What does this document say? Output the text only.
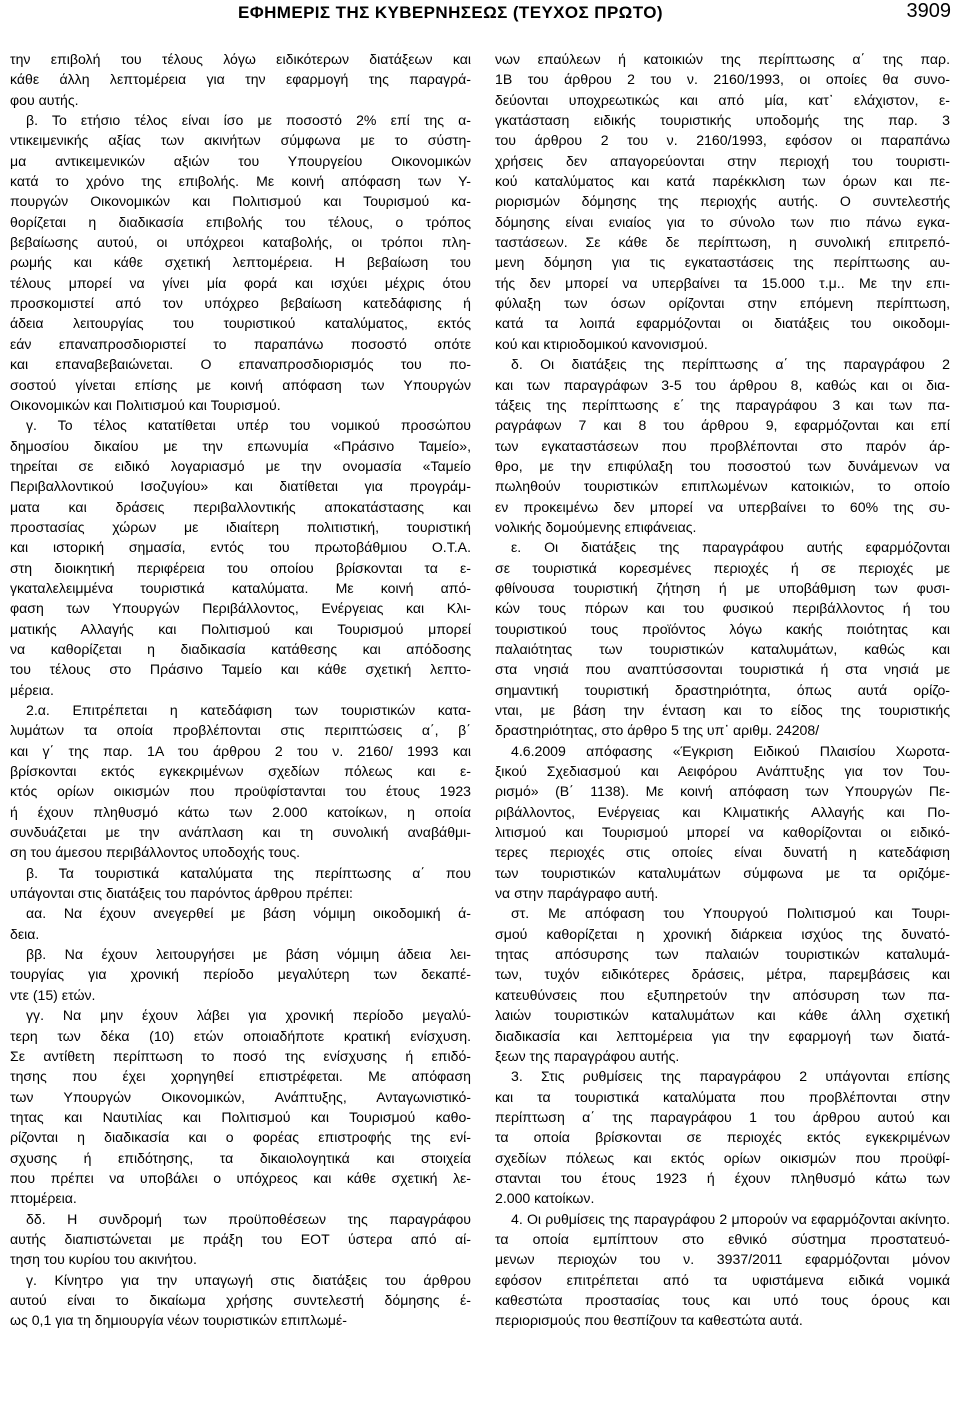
ΕΦΗΜΕΡΙΣ ΤΗΣ ΚΥΒΕΡΝΗΣΕΩΣ (ΤΕΥΧΟΣ ΠΡΩΤΟ)	3909
την επιβολή του τέλους λόγω ειδικότερων διατάξεων και
κάθε άλλη λεπτομέρεια για την εφαρμογή της παραγρά-
φου αυτής.
β. Το ετήσιο τέλος είναι ίσο με ποσοστό 2% επί της α-
ντικειμενικής αξίας των ακινήτων σύμφωνα με το σύστη-
μα αντικειμενικών αξιών του Υπουργείου Οικονομικών
κατά το χρόνο της επιβολής. Με κοινή απόφαση των Υ-
πουργών Οικονομικών και Πολιτισμού και Τουρισμού κα-
θορίζεται η διαδικασία επιβολής του τέλους, ο τρόπος
βεβαίωσης αυτού, οι υπόχρεοι καταβολής, οι τρόποι πλη-
ρωμής και κάθε σχετική λεπτομέρεια. Η βεβαίωση του
τέλους μπορεί να γίνει μία φορά και ισχύει μέχρις ότου
προσκομιστεί από τον υπόχρεο βεβαίωση κατεδάφισης ή
άδεια λειτουργίας του τουριστικού καταλύματος, εκτός
εάν επαναπροσδιοριστεί το παραπάνω ποσοστό οπότε
και επαναβεβαιώνεται. Ο επαναπροσδιορισμός του πο-
σοστού γίνεται επίσης με κοινή απόφαση των Υπουργών
Οικονομικών και Πολιτισμού και Τουρισμού.
γ. Το τέλος κατατίθεται υπέρ του νομικού προσώπου
δημοσίου δικαίου με την επωνυμία «Πράσινο Ταμείο»,
τηρείται σε ειδικό λογαριασμό με την ονομασία «Ταμείο
Περιβαλλοντικού Ισοζυγίου» και διατίθεται για προγράμ-
ματα και δράσεις περιβαλλοντικής αποκατάστασης και
προστασίας χώρων με ιδιαίτερη πολιτιστική, τουριστική
και ιστορική σημασία, εντός του πρωτοβάθμιου Ο.Τ.Α.
στη διοικητική περιφέρεια του οποίου βρίσκονται τα ε-
γκαταλελειμμένα τουριστικά καταλύματα. Με κοινή από-
φαση των Υπουργών Περιβάλλοντος, Ενέργειας και Κλι-
ματικής Αλλαγής και Πολιτισμού και Τουρισμού μπορεί
να καθορίζεται η διαδικασία κατάθεσης και απόδοσης
του τέλους στο Πράσινο Ταμείο και κάθε σχετική λεπτο-
μέρεια.
2.α. Επιτρέπεται η κατεδάφιση των τουριστικών κατα-
λυμάτων τα οποία προβλέπονται στις περιπτώσεις α΄, β΄
και γ΄ της παρ. 1Α του άρθρου 2 του ν. 2160/ 1993 και
βρίσκονται εκτός εγκεκριμένων σχεδίων πόλεως και ε-
κτός ορίων οικισμών που προϋφίστανται του έτους 1923
ή έχουν πληθυσμό κάτω των 2.000 κατοίκων, η οποία
συνδυάζεται με την ανάπλαση και τη συνολική αναβάθμι-
ση του άμεσου περιβάλλοντος υποδοχής τους.
β. Τα τουριστικά καταλύματα της περίπτωσης α΄ που
υπάγονται στις διατάξεις του παρόντος άρθρου πρέπει:
αα. Να έχουν ανεγερθεί με βάση νόμιμη οικοδομική ά-
δεια.
ββ. Να έχουν λειτουργήσει με βάση νόμιμη άδεια λει-
τουργίας για χρονική περίοδο μεγαλύτερη των δεκαπέ-
ντε (15) ετών.
γγ. Να μην έχουν λάβει για χρονική περίοδο μεγαλύ-
τερη των δέκα (10) ετών οποιαδήποτε κρατική ενίσχυση.
Σε αντίθετη περίπτωση το ποσό της ενίσχυσης ή επιδό-
τησης που έχει χορηγηθεί επιστρέφεται. Με απόφαση
των Υπουργών Οικονομικών, Ανάπτυξης, Ανταγωνιστικό-
τητας και Ναυτιλίας και Πολιτισμού και Τουρισμού καθο-
ρίζονται η διαδικασία και ο φορέας επιστροφής της ενί-
σχυσης ή επιδότησης, τα δικαιολογητικά και στοιχεία
που πρέπει να υποβάλει ο υπόχρεος και κάθε σχετική λε-
πτομέρεια.
δδ. Η συνδρομή των προϋποθέσεων της παραγράφου
αυτής διαπιστώνεται με πράξη του ΕΟΤ ύστερα από αί-
τηση του κυρίου του ακινήτου.
γ. Κίνητρο για την υπαγωγή στις διατάξεις του άρθρου
αυτού είναι το δικαίωμα χρήσης συντελεστή δόμησης έ-
ως 0,1 για τη δημιουργία νέων τουριστικών επιπλωμέ-
νων επαύλεων ή κατοικιών της περίπτωσης α΄ της παρ.
1Β του άρθρου 2 του ν. 2160/1993, οι οποίες θα συνο-
δεύονται υποχρεωτικώς και από μία, κατ᾽ ελάχιστον, ε-
γκατάσταση ειδικής τουριστικής υποδομής της παρ. 3
του άρθρου 2 του ν. 2160/1993, εφόσον οι παραπάνω
χρήσεις δεν απαγορεύονται στην περιοχή του τουριστι-
κού καταλύματος και κατά παρέκκλιση των όρων και πε-
ριορισμών δόμησης της περιοχής αυτής. Ο συντελεστής
δόμησης είναι ενιαίος για το σύνολο των πιο πάνω εγκα-
ταστάσεων. Σε κάθε δε περίπτωση, η συνολική επιτρεπό-
μενη δόμηση για τις εγκαταστάσεις της περίπτωσης αυ-
τής δεν μπορεί να υπερβαίνει τα 15.000 τ.μ.. Με την επι-
φύλαξη των όσων ορίζονται στην επόμενη περίπτωση,
κατά τα λοιπά εφαρμόζονται οι διατάξεις του οικοδομι-
κού και κτιριοδομικού κανονισμού.
δ. Οι διατάξεις της περίπτωσης α΄ της παραγράφου 2
και των παραγράφων 3-5 του άρθρου 8, καθώς και οι δια-
τάξεις της περίπτωσης ε΄ της παραγράφου 3 και των πα-
ραγράφων 7 και 8 του άρθρου 9, εφαρμόζονται και επί
των εγκαταστάσεων που προβλέπονται στο παρόν άρ-
θρο, με την επιφύλαξη του ποσοστού των δυνάμενων να
πωληθούν τουριστικών επιπλωμένων κατοικιών, το οποίο
εν προκειμένω δεν μπορεί να υπερβαίνει το 60% της συ-
νολικής δομούμενης επιφάνειας.
ε. Οι διατάξεις της παραγράφου αυτής εφαρμόζονται
σε τουριστικά κορεσμένες περιοχές ή σε περιοχές με
φθίνουσα τουριστική ζήτηση ή με υποβάθμιση των φυσι-
κών τους πόρων και του φυσικού περιβάλλοντος ή του
τουριστικού τους προϊόντος λόγω κακής ποιότητας και
παλαιότητας των τουριστικών καταλυμάτων, καθώς και
στα νησιά που αναπτύσσονται τουριστικά ή στα νησιά με
σημαντική τουριστική δραστηριότητα, όπως αυτά ορίζο-
νται, με βάση την ένταση και το είδος της τουριστικής
δραστηριότητας, στο άρθρο 5 της υπ᾽ αριθμ. 24208/
4.6.2009 απόφασης «Έγκριση Ειδικού Πλαισίου Χωροτα-
ξικού Σχεδιασμού και Αειφόρου Ανάπτυξης για τον Του-
ρισμό» (Β΄ 1138). Με κοινή απόφαση των Υπουργών Πε-
ριβάλλοντος, Ενέργειας και Κλιματικής Αλλαγής και Πο-
λιτισμού και Τουρισμού μπορεί να καθορίζονται οι ειδικό-
τερες περιοχές στις οποίες είναι δυνατή η κατεδάφιση
των τουριστικών καταλυμάτων σύμφωνα με τα οριζόμε-
να στην παράγραφο αυτή.
στ. Με απόφαση του Υπουργού Πολιτισμού και Τουρι-
σμού καθορίζεται η χρονική διάρκεια ισχύος της δυνατό-
τητας απόσυρσης των παλαιών τουριστικών καταλυμά-
των, τυχόν ειδικότερες δράσεις, μέτρα, παρεμβάσεις και
κατευθύνσεις που εξυπηρετούν την απόσυρση των πα-
λαιών τουριστικών καταλυμάτων και κάθε άλλη σχετική
διαδικασία και λεπτομέρεια για την εφαρμογή των διατά-
ξεων της παραγράφου αυτής.
3. Στις ρυθμίσεις της παραγράφου 2 υπάγονται επίσης
και τα τουριστικά καταλύματα που προβλέπονται στην
περίπτωση α΄ της παραγράφου 1 του άρθρου αυτού και
τα οποία βρίσκονται σε περιοχές εκτός εγκεκριμένων
σχεδίων πόλεως και εκτός ορίων οικισμών που προϋφί-
στανται του έτους 1923 ή έχουν πληθυσμό κάτω των
2.000 κατοίκων.
4. Οι ρυθμίσεις της παραγράφου 2 μπορούν να εφαρμόζονται ακίνητο.
τα οποία εμπίπτουν στο εθνικό σύστημα προστατευό-
μενων περιοχών του ν. 3937/2011 εφαρμόζονται μόνον
εφόσον επιτρέπεται από τα υφιστάμενα ειδικά νομικά
καθεστώτα προστασίας τους και υπό τους όρους και
περιορισμούς που θεσπίζουν τα καθεστώτα αυτά.
